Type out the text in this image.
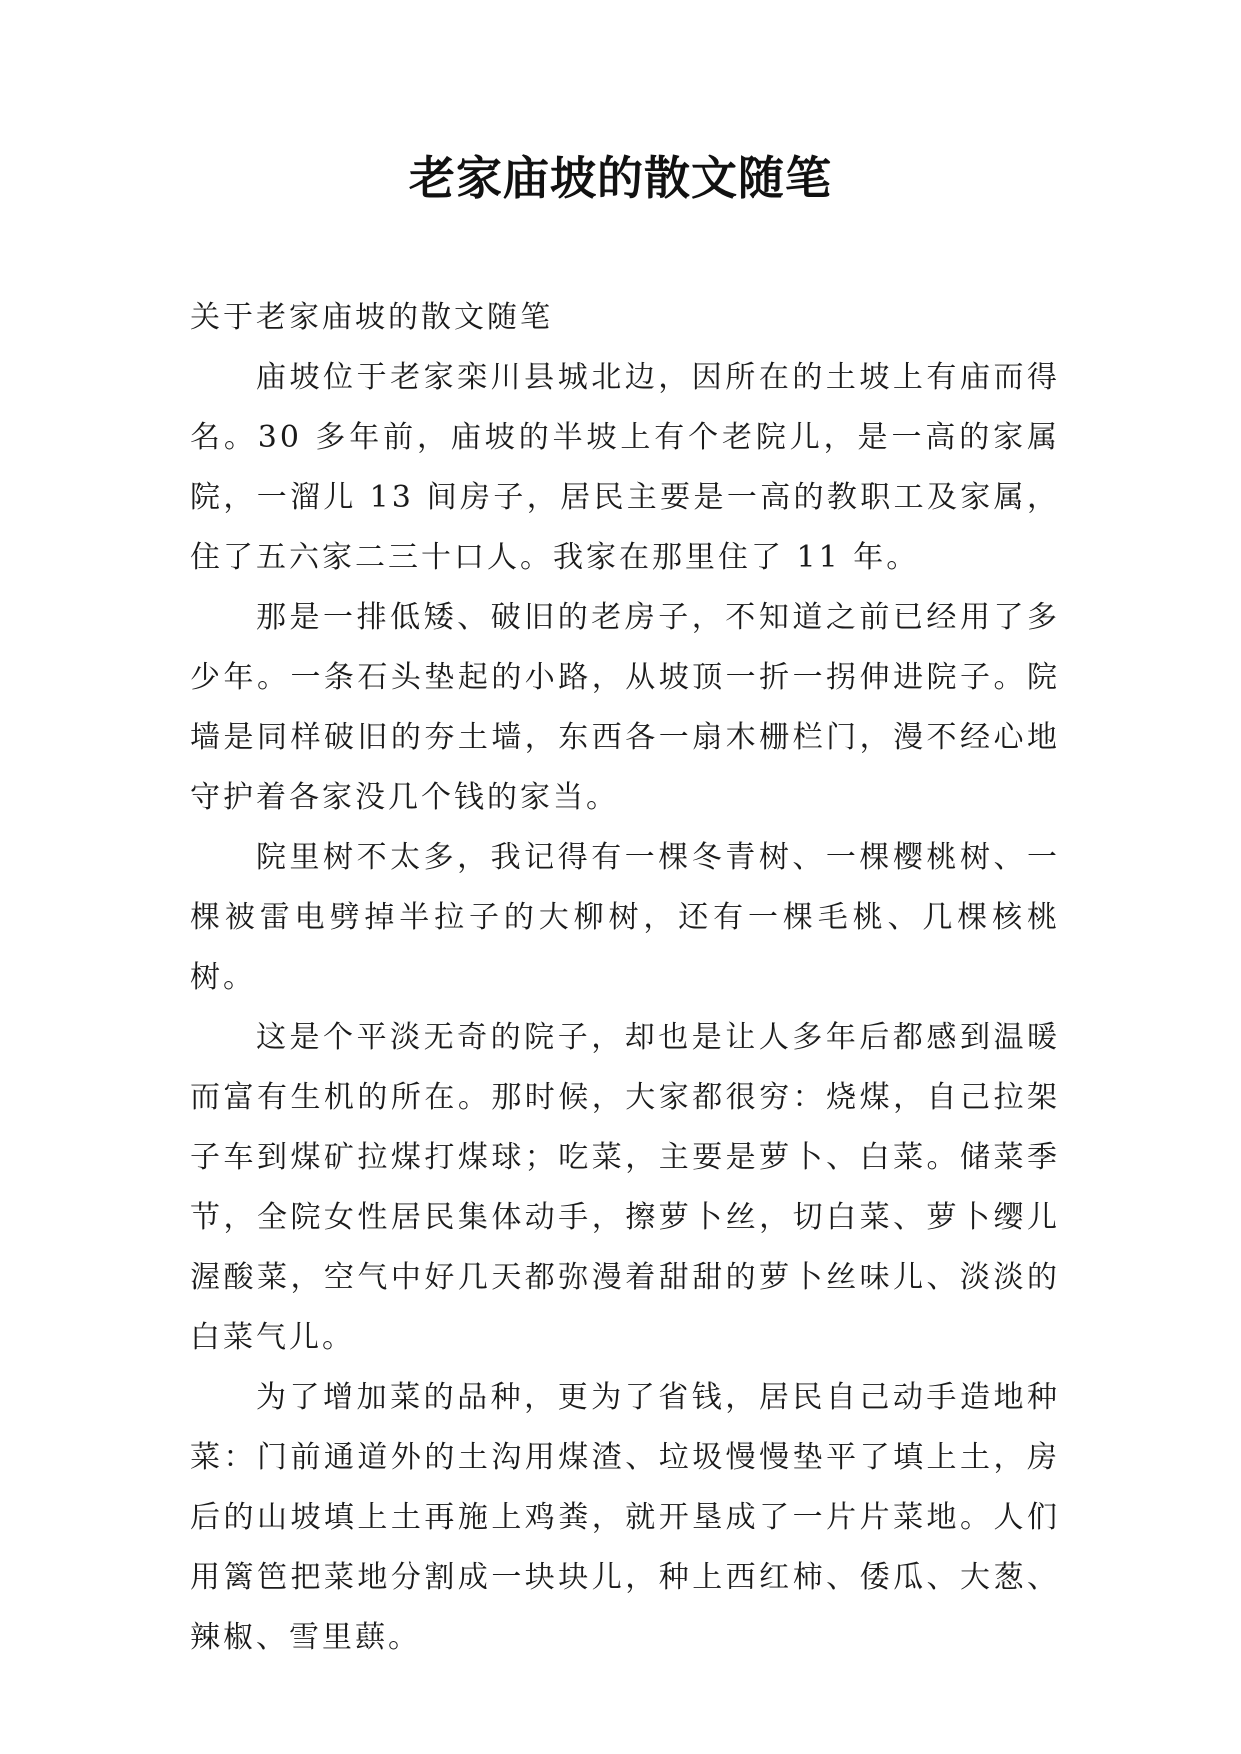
老家庙坡的散文随笔

关于老家庙坡的散文随笔

庙坡位于老家栾川县城北边，因所在的土坡上有庙而得名。30 多年前，庙坡的半坡上有个老院儿，是一高的家属院，一溜儿 13 间房子，居民主要是一高的教职工及家属，住了五六家二三十口人。我家在那里住了 11 年。

那是一排低矮、破旧的老房子，不知道之前已经用了多少年。一条石头垫起的小路，从坡顶一折一拐伸进院子。院墙是同样破旧的夯土墙，东西各一扇木栅栏门，漫不经心地守护着各家没几个钱的家当。

院里树不太多，我记得有一棵冬青树、一棵樱桃树、一棵被雷电劈掉半拉子的大柳树，还有一棵毛桃、几棵核桃树。

这是个平淡无奇的院子，却也是让人多年后都感到温暖而富有生机的所在。那时候，大家都很穷：烧煤，自己拉架子车到煤矿拉煤打煤球；吃菜，主要是萝卜、白菜。储菜季节，全院女性居民集体动手，擦萝卜丝，切白菜、萝卜缨儿渥酸菜，空气中好几天都弥漫着甜甜的萝卜丝味儿、淡淡的白菜气儿。

为了增加菜的品种，更为了省钱，居民自己动手造地种菜：门前通道外的土沟用煤渣、垃圾慢慢垫平了填上土，房后的山坡填上土再施上鸡粪，就开垦成了一片片菜地。人们用篱笆把菜地分割成一块块儿，种上西红柿、倭瓜、大葱、辣椒、雪里蕻。
